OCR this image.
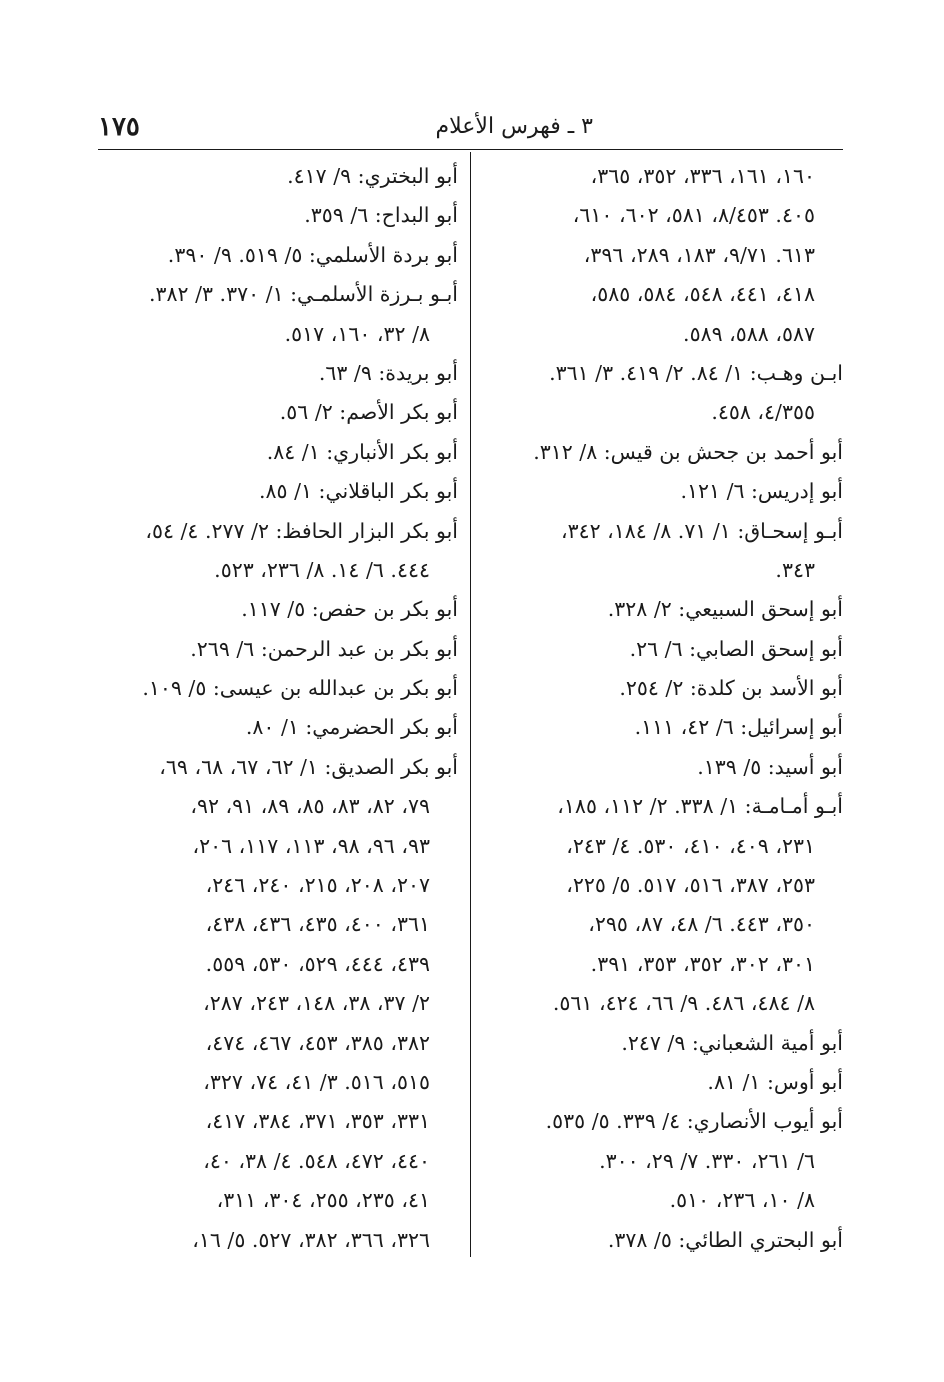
٣ ـ فهرس الأعلام
١٧٥
١٦٠، ١٦١، ٣٣٦، ٣٥٢، ٣٦٥،
٤٠٥. ٨/٤٥٣، ٥٨١، ٦٠٢، ٦١٠،
٦١٣. ٩/٧١، ١٨٣، ٢٨٩، ٣٩٦،
٤١٨، ٤٤١، ٥٤٨، ٥٨٤، ٥٨٥،
٥٨٧، ٥٨٨، ٥٨٩.
ابـن وهـب: ١/ ٨٤. ٢/ ٤١٩. ٣/ ٣٦١.
٤/٣٥٥، ٤٥٨.
أبو أحمد بن جحش بن قيس: ٨/ ٣١٢.
أبو إدريس: ٦/ ١٢١.
أبـو إسحـاق: ١/ ٧١. ٨/ ١٨٤، ٣٤٢،
٣٤٣.
أبو إسحق السبيعي: ٢/ ٣٢٨.
أبو إسحق الصابي: ٦/ ٢٦.
أبو الأسد بن كلدة: ٢/ ٢٥٤.
أبو إسرائيل: ٦/ ٤٢، ١١١.
أبو أسيد: ٥/ ١٣٩.
أبـو أمـامـة: ١/ ٣٣٨. ٢/ ١١٢، ١٨٥،
٢٣١، ٤٠٩، ٤١٠، ٥٣٠. ٤/ ٢٤٣،
٢٥٣، ٣٨٧، ٥١٦، ٥١٧. ٥/ ٢٢٥،
٣٥٠، ٤٤٣. ٦/ ٤٨، ٨٧، ٢٩٥،
٣٠١، ٣٠٢، ٣٥٢، ٣٥٣، ٣٩١.
٨/ ٤٨٤، ٤٨٦. ٩/ ٦٦، ٤٢٤، ٥٦١.
أبو أمية الشعباني: ٩/ ٢٤٧.
أبو أوس: ١/ ٨١.
أبو أيوب الأنصاري: ٤/ ٣٣٩. ٥/ ٥٣٥.
٦/ ٢٦١، ٣٣٠. ٧/ ٢٩، ٣٠٠.
٨/ ١٠، ٢٣٦، ٥١٠.
أبو البحتري الطائي: ٥/ ٣٧٨.
أبو البختري: ٩/ ٤١٧.
أبو البداح: ٦/ ٣٥٩.
أبو بردة الأسلمي: ٥/ ٥١٩. ٩/ ٣٩٠.
أبـو بـرزة الأسلمـي: ١/ ٣٧٠. ٣/ ٣٨٢.
٨/ ٣٢، ١٦٠، ٥١٧.
أبو بريدة: ٩/ ٦٣.
أبو بكر الأصم: ٢/ ٥٦.
أبو بكر الأنباري: ١/ ٨٤.
أبو بكر الباقلاني: ١/ ٨٥.
أبو بكر البزار الحافظ: ٢/ ٢٧٧. ٤/ ٥٤،
٤٤٤. ٦/ ١٤. ٨/ ٢٣٦، ٥٢٣.
أبو بكر بن حفص: ٥/ ١١٧.
أبو بكر بن عبد الرحمن: ٦/ ٢٦٩.
أبو بكر بن عبدالله بن عيسى: ٥/ ١٠٩.
أبو بكر الحضرمي: ١/ ٨٠.
أبو بكر الصديق: ١/ ٦٢، ٦٧، ٦٨، ٦٩،
٧٩، ٨٢، ٨٣، ٨٥، ٨٩، ٩١، ٩٢،
٩٣، ٩٦، ٩٨، ١١٣، ١١٧، ٢٠٦،
٢٠٧، ٢٠٨، ٢١٥، ٢٤٠، ٢٤٦،
٣٦١، ٤٠٠، ٤٣٥، ٤٣٦، ٤٣٨،
٤٣٩، ٤٤٤، ٥٢٩، ٥٣٠، ٥٥٩.
٢/ ٣٧، ٣٨، ١٤٨، ٢٤٣، ٢٨٧،
٣٨٢، ٣٨٥، ٤٥٣، ٤٦٧، ٤٧٤،
٥١٥، ٥١٦. ٣/ ٤١، ٧٤، ٣٢٧،
٣٣١، ٣٥٣، ٣٧١، ٣٨٤، ٤١٧،
٤٤٠، ٤٧٢، ٥٤٨. ٤/ ٣٨، ٤٠،
٤١، ٢٣٥، ٢٥٥، ٣٠٤، ٣١١،
٣٢٦، ٣٦٦، ٣٨٢، ٥٢٧. ٥/ ١٦،
